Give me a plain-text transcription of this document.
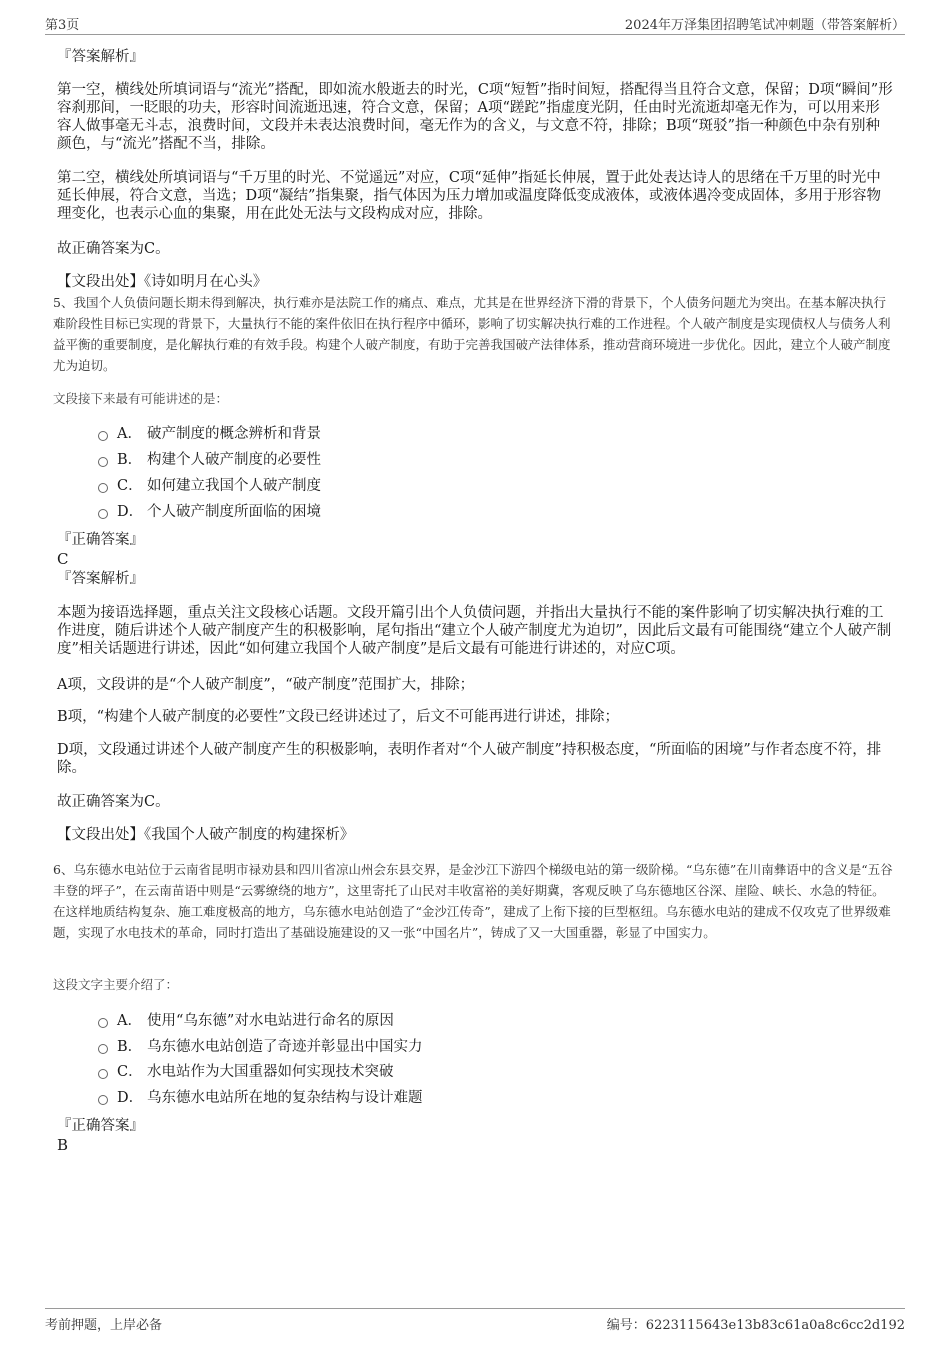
第3页	2024年万泽集团招聘笔试冲刺题（带答案解析）
『答案解析』
第一空，横线处所填词语与“流光”搭配，即如流水般逝去的时光，C项“短暂”指时间短，搭配得当且符合文意，保留；D项“瞬间”形容刹那间，一眨眼的功夫，形容时间流逝迅速，符合文意，保留；A项“蹉跎”指虚度光阴，任由时光流逝却毫无作为，可以用来形容人做事毫无斗志，浪费时间，文段并未表达浪费时间，毫无作为的含义，与文意不符，排除；B项“斑驳”指一种颜色中杂有别种颜色，与“流光”搭配不当，排除。
第二空，横线处所填词语与“千万里的时光、不觉遥远”对应，C项“延伸”指延长伸展，置于此处表达诗人的思绪在千万里的时光中延长伸展，符合文意，当选；D项“凝结”指集聚，指气体因为压力增加或温度降低变成液体，或液体遇冷变成固体，多用于形容物理变化，也表示心血的集聚，用在此处无法与文段构成对应，排除。
故正确答案为C。
【文段出处】《诗如明月在心头》
5、我国个人负债问题长期未得到解决，执行难亦是法院工作的痛点、难点，尤其是在世界经济下滑的背景下，个人债务问题尤为突出。在基本解决执行难阶段性目标已实现的背景下，大量执行不能的案件依旧在执行程序中循环，影响了切实解决执行难的工作进程。个人破产制度是实现债权人与债务人利益平衡的重要制度，是化解执行难的有效手段。构建个人破产制度，有助于完善我国破产法律体系，推动营商环境进一步优化。因此，建立个人破产制度尤为迫切。
文段接下来最有可能讲述的是：
A． 破产制度的概念辨析和背景
B． 构建个人破产制度的必要性
C． 如何建立我国个人破产制度
D． 个人破产制度所面临的困境
『正确答案』
C
『答案解析』
本题为接语选择题，重点关注文段核心话题。文段开篇引出个人负债问题，并指出大量执行不能的案件影响了切实解决执行难的工作进度，随后讲述个人破产制度产生的积极影响，尾句指出“建立个人破产制度尤为迫切”，因此后文最有可能围绕“建立个人破产制度”相关话题进行讲述，因此“如何建立我国个人破产制度”是后文最有可能进行讲述的，对应C项。
A项，文段讲的是“个人破产制度”，“破产制度”范围扩大，排除；
B项，“构建个人破产制度的必要性”文段已经讲述过了，后文不可能再进行讲述，排除；
D项，文段通过讲述个人破产制度产生的积极影响，表明作者对“个人破产制度”持积极态度，“所面临的困境”与作者态度不符，排除。
故正确答案为C。
【文段出处】《我国个人破产制度的构建探析》
6、乌东德水电站位于云南省昆明市禄劝县和四川省凉山州会东县交界，是金沙江下游四个梯级电站的第一级阶梯。“乌东德”在川南彝语中的含义是“五谷丰登的坪子”，在云南苗语中则是“云雾缭绕的地方”，这里寄托了山民对丰收富裕的美好期冀，客观反映了乌东德地区谷深、崖险、峡长、水急的特征。在这样地质结构复杂、施工难度极高的地方，乌东德水电站创造了“金沙江传奇”，建成了上衔下接的巨型枢纽。乌东德水电站的建成不仅攻克了世界级难题，实现了水电技术的革命，同时打造出了基础设施建设的又一张“中国名片”，铸成了又一大国重器，彰显了中国实力。
这段文字主要介绍了：
A． 使用“乌东德”对水电站进行命名的原因
B． 乌东德水电站创造了奇迹并彰显出中国实力
C． 水电站作为大国重器如何实现技术突破
D． 乌东德水电站所在地的复杂结构与设计难题
『正确答案』
B
考前押题，上岸必备	编号：6223115643e13b83c61a0a8c6cc2d192
